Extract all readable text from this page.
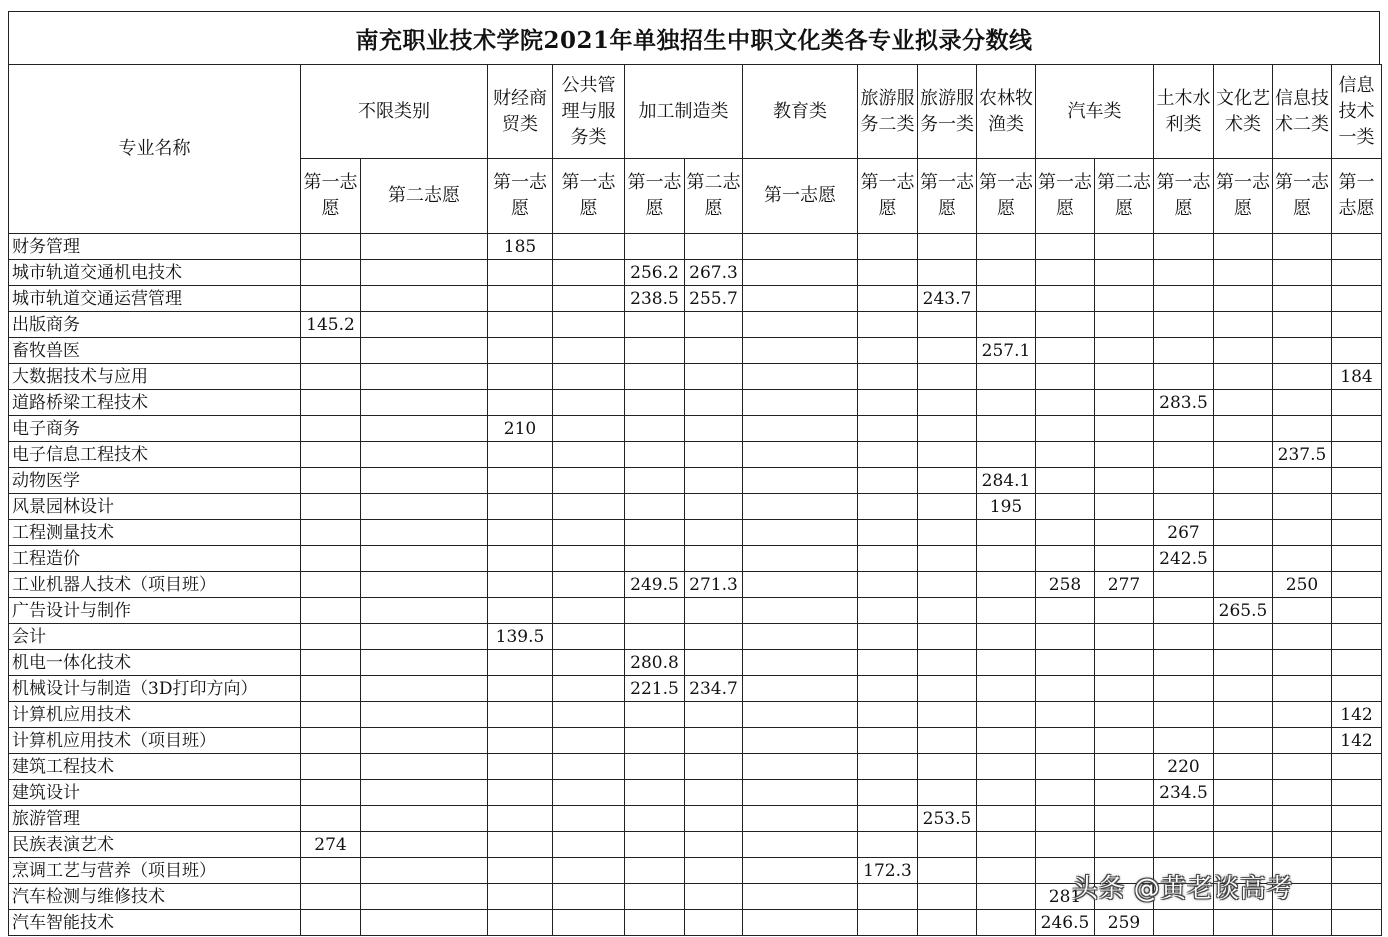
南充职业技术学院2021年单独招生中职文化类各专业拟录分数线
专业名称	不限类别		财经商贸类	公共管理与服务类	加工制造类		教育类	旅游服务二类	旅游服务一类	农林牧渔类	汽车类		土木水利类	文化艺术类	信息技术二类	信息技术一类
	第一志愿	第二志愿	第一志愿	第一志愿	第一志愿	第二志愿	第一志愿	第一志愿	第一志愿	第一志愿	第一志愿	第二志愿	第一志愿	第一志愿	第一志愿	第一志愿
财务管理			185													
城市轨道交通机电技术					256.2	267.3										
城市轨道交通运营管理					238.5	255.7			243.7							
出版商务	145.2															
畜牧兽医										257.1						
大数据技术与应用																184
道路桥梁工程技术													283.5			
电子商务			210													
电子信息工程技术															237.5	
动物医学										284.1						
风景园林设计										195						
工程测量技术													267			
工程造价													242.5			
工业机器人技术（项目班）					249.5	271.3					258	277			250	
广告设计与制作														265.5		
会计			139.5													
机电一体化技术					280.8											
机械设计与制造（3D打印方向）					221.5	234.7										
计算机应用技术																142
计算机应用技术（项目班）																142
建筑工程技术													220			
建筑设计													234.5			
旅游管理									253.5							
民族表演艺术	274															
烹调工艺与营养（项目班）								172.3								
汽车检测与维修技术											281					
汽车智能技术											246.5	259				
头条 @黄老谈高考
